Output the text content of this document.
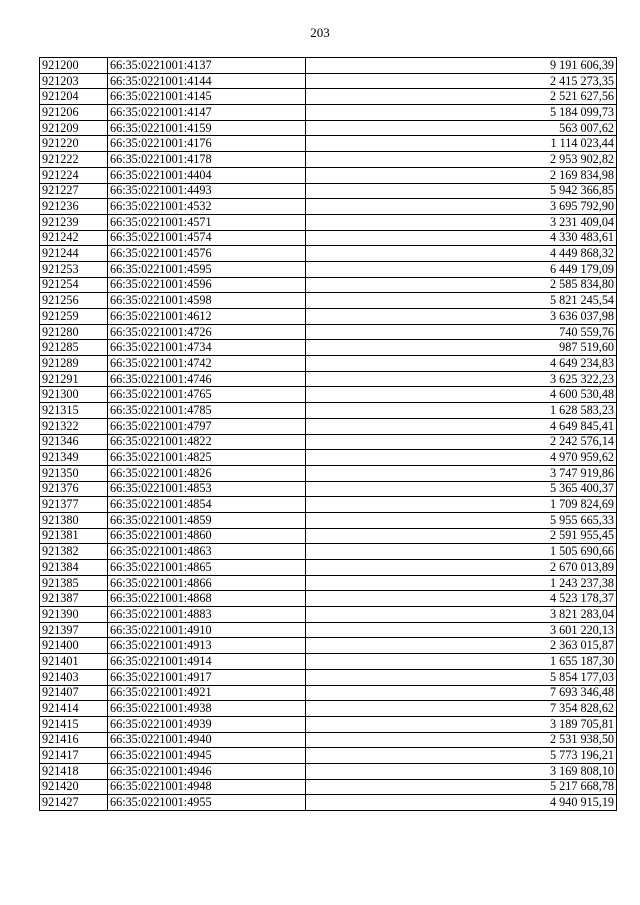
203
921200	66:35:0221001:4137	9 191 606,39
921203	66:35:0221001:4144	2 415 273,35
921204	66:35:0221001:4145	2 521 627,56
921206	66:35:0221001:4147	5 184 099,73
921209	66:35:0221001:4159	563 007,62
921220	66:35:0221001:4176	1 114 023,44
921222	66:35:0221001:4178	2 953 902,82
921224	66:35:0221001:4404	2 169 834,98
921227	66:35:0221001:4493	5 942 366,85
921236	66:35:0221001:4532	3 695 792,90
921239	66:35:0221001:4571	3 231 409,04
921242	66:35:0221001:4574	4 330 483,61
921244	66:35:0221001:4576	4 449 868,32
921253	66:35:0221001:4595	6 449 179,09
921254	66:35:0221001:4596	2 585 834,80
921256	66:35:0221001:4598	5 821 245,54
921259	66:35:0221001:4612	3 636 037,98
921280	66:35:0221001:4726	740 559,76
921285	66:35:0221001:4734	987 519,60
921289	66:35:0221001:4742	4 649 234,83
921291	66:35:0221001:4746	3 625 322,23
921300	66:35:0221001:4765	4 600 530,48
921315	66:35:0221001:4785	1 628 583,23
921322	66:35:0221001:4797	4 649 845,41
921346	66:35:0221001:4822	2 242 576,14
921349	66:35:0221001:4825	4 970 959,62
921350	66:35:0221001:4826	3 747 919,86
921376	66:35:0221001:4853	5 365 400,37
921377	66:35:0221001:4854	1 709 824,69
921380	66:35:0221001:4859	5 955 665,33
921381	66:35:0221001:4860	2 591 955,45
921382	66:35:0221001:4863	1 505 690,66
921384	66:35:0221001:4865	2 670 013,89
921385	66:35:0221001:4866	1 243 237,38
921387	66:35:0221001:4868	4 523 178,37
921390	66:35:0221001:4883	3 821 283,04
921397	66:35:0221001:4910	3 601 220,13
921400	66:35:0221001:4913	2 363 015,87
921401	66:35:0221001:4914	1 655 187,30
921403	66:35:0221001:4917	5 854 177,03
921407	66:35:0221001:4921	7 693 346,48
921414	66:35:0221001:4938	7 354 828,62
921415	66:35:0221001:4939	3 189 705,81
921416	66:35:0221001:4940	2 531 938,50
921417	66:35:0221001:4945	5 773 196,21
921418	66:35:0221001:4946	3 169 808,10
921420	66:35:0221001:4948	5 217 668,78
921427	66:35:0221001:4955	4 940 915,19
